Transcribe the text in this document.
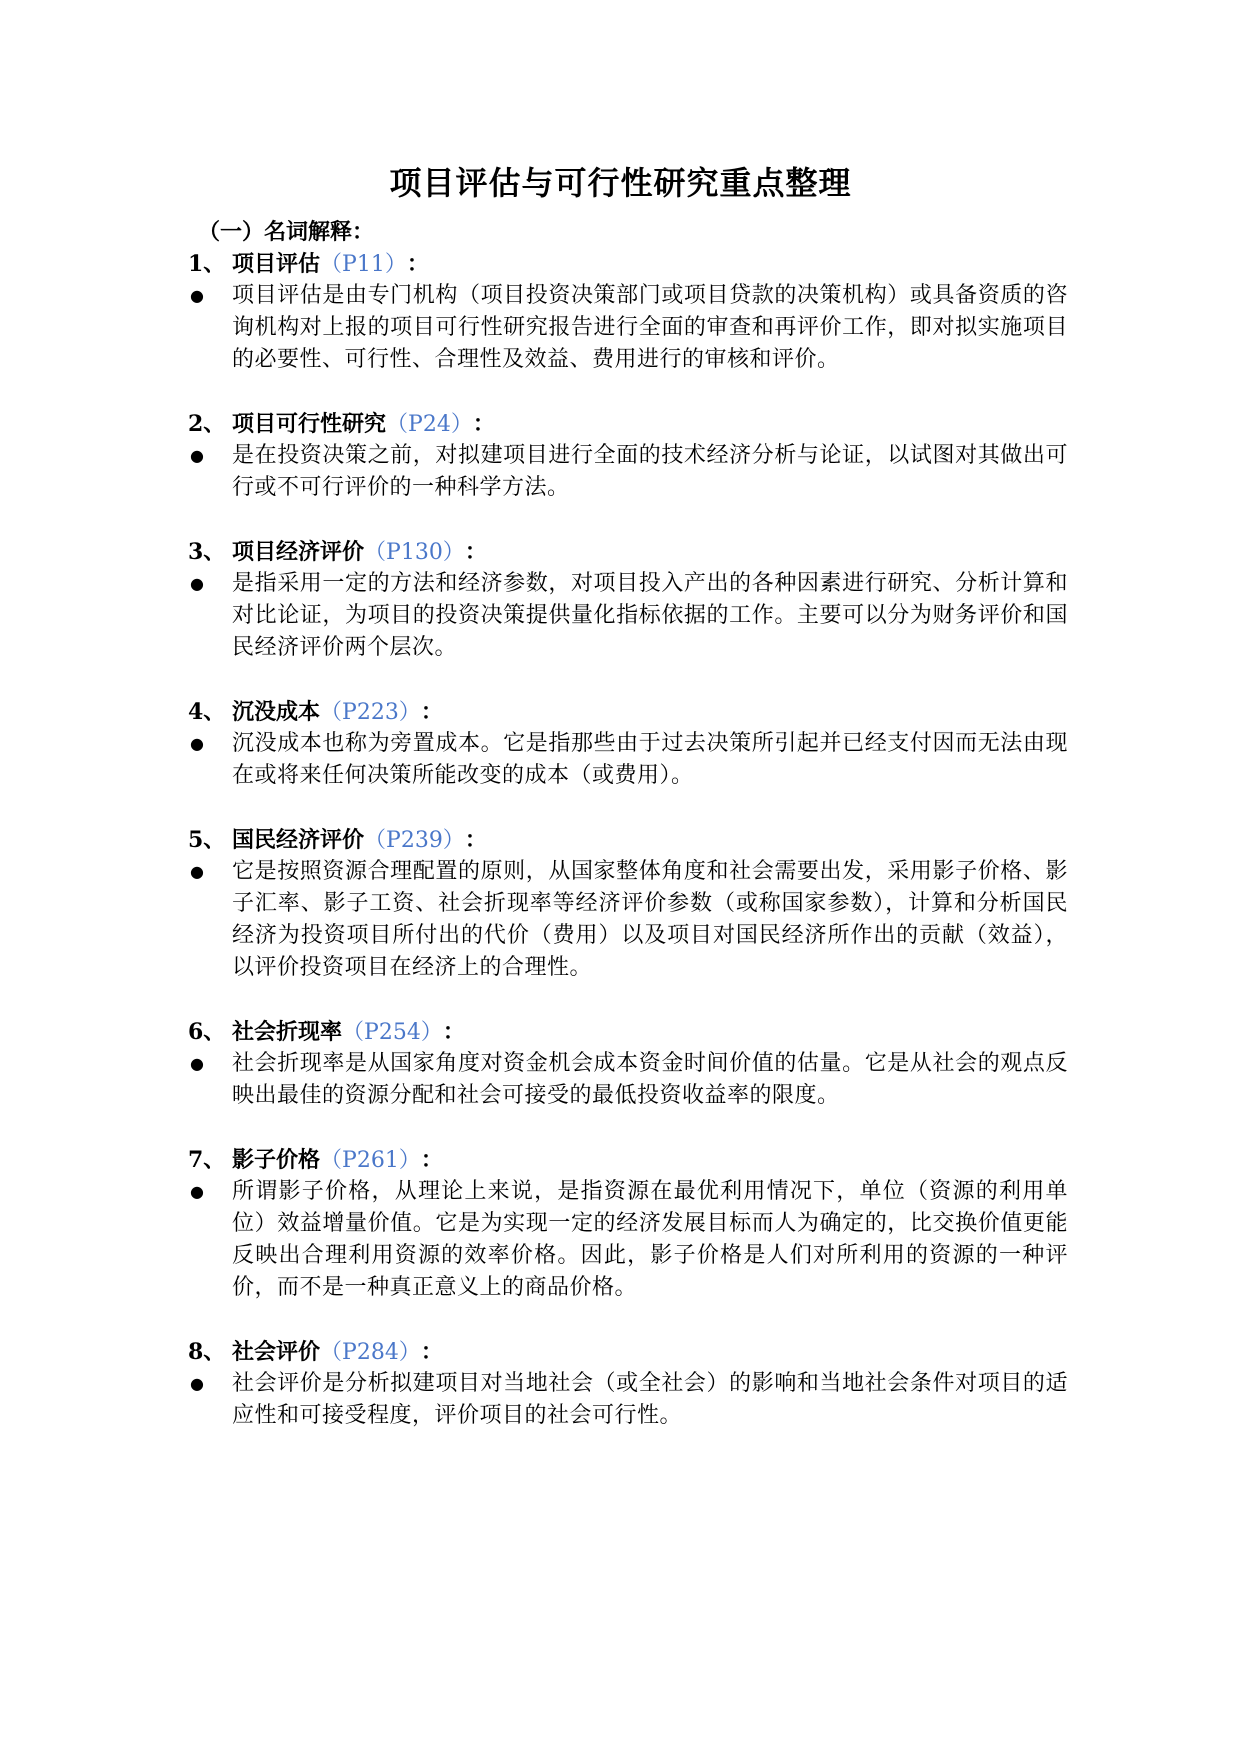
项目评估与可行性研究重点整理
（一）名词解释：
1、 项目评估 （P11） ：
●	项目评估是由专门机构（项目投资决策部门或项目贷款的决策机构）或具备资质的咨询机构对上报的项目可行性研究报告进行全面的审查和再评价工作，即对拟实施项目的必要性、可行性、合理性及效益、费用进行的审核和评价。
2、 项目可行性研究 （P24） ：
●	是在投资决策之前，对拟建项目进行全面的技术经济分析与论证，以试图对其做出可行或不可行评价的一种科学方法。
3、 项目经济评价 （P130） ：
●	是指采用一定的方法和经济参数，对项目投入产出的各种因素进行研究、分析计算和对比论证，为项目的投资决策提供量化指标依据的工作。主要可以分为财务评价和国民经济评价两个层次。
4、 沉没成本 （P223） ：
●	沉没成本也称为旁置成本。它是指那些由于过去决策所引起并已经支付因而无法由现在或将来任何决策所能改变的成本（或费用）。
5、 国民经济评价 （P239） ：
●	它是按照资源合理配置的原则，从国家整体角度和社会需要出发，采用影子价格、影子汇率、影子工资、社会折现率等经济评价参数（或称国家参数），计算和分析国民经济为投资项目所付出的代价（费用）以及项目对国民经济所作出的贡献（效益），以评价投资项目在经济上的合理性。
6、 社会折现率 （P254） ：
●	社会折现率是从国家角度对资金机会成本资金时间价值的估量。它是从社会的观点反映出最佳的资源分配和社会可接受的最低投资收益率的限度。
7、 影子价格 （P261） ：
●	所谓影子价格，从理论上来说，是指资源在最优利用情况下，单位（资源的利用单位）效益增量价值。它是为实现一定的经济发展目标而人为确定的，比交换价值更能反映出合理利用资源的效率价格。因此，影子价格是人们对所利用的资源的一种评价，而不是一种真正意义上的商品价格。
8、 社会评价 （P284） ：
●	社会评价是分析拟建项目对当地社会（或全社会）的影响和当地社会条件对项目的适应性和可接受程度，评价项目的社会可行性。
